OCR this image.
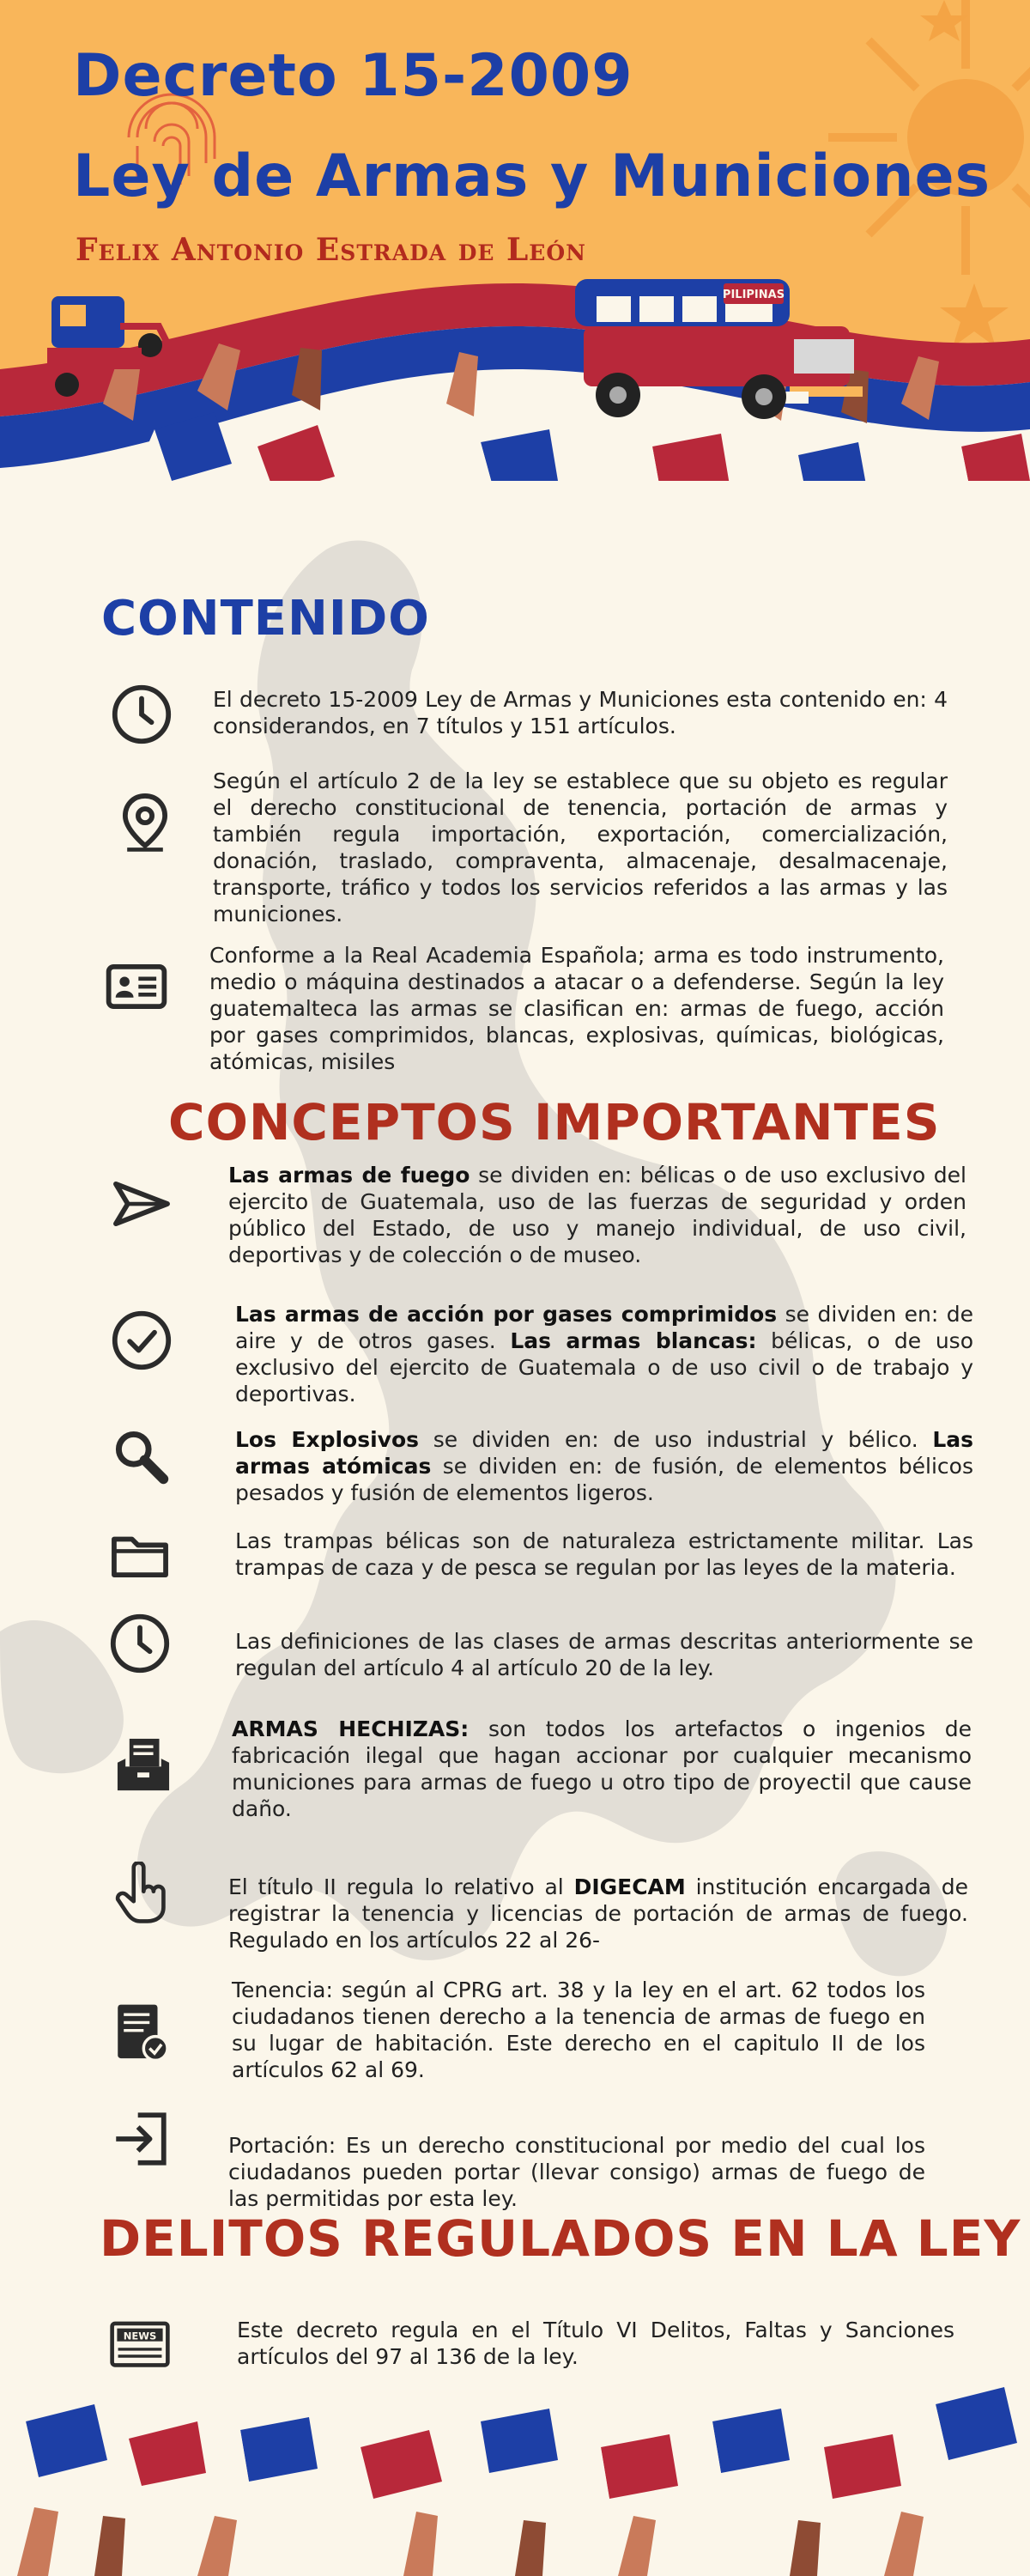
PILIPINAS
Decreto 15-2009
Ley de Armas y Municiones
Felix Antonio Estrada de León
CONTENIDO
El decreto 15-2009 Ley de Armas y Municiones esta contenido en: 4 considerandos, en 7 títulos y 151 artículos.
Según el artículo 2 de la ley se establece que su objeto es regular el derecho constitucional de tenencia, portación de armas y también regula importación, exportación, comercialización, donación, traslado, compraventa, almacenaje, desalmacenaje, transporte, tráfico y todos los servicios referidos a las armas y las municiones.
Conforme a la Real Academia Española; arma es todo instrumento, medio o máquina destinados a atacar o a defenderse. Según la ley guatemalteca las armas se clasifican en: armas de fuego, acción por gases comprimidos, blancas, explosivas, químicas, biológicas, atómicas, misiles
CONCEPTOS IMPORTANTES
Las armas de fuego se dividen en: bélicas o de uso exclusivo del ejercito de Guatemala, uso de las fuerzas de seguridad y orden público del Estado, de uso y manejo individual, de uso civil, deportivas y de colección o de museo.
Las armas de acción por gases comprimidos se dividen en: de aire y de otros gases. Las armas blancas: bélicas, o de uso exclusivo del ejercito de Guatemala o de uso civil o de trabajo y deportivas.
Los Explosivos se dividen en: de uso industrial y bélico. Las armas atómicas se dividen en: de fusión, de elementos bélicos pesados y fusión de elementos ligeros.
Las trampas bélicas son de naturaleza estrictamente militar. Las trampas de caza y de pesca se regulan por las leyes de la materia.
Las definiciones de las clases de armas descritas anteriormente se regulan del artículo 4 al artículo 20 de la ley.
ARMAS HECHIZAS: son todos los artefactos o ingenios de fabricación ilegal que hagan accionar por cualquier mecanismo municiones para armas de fuego u otro tipo de proyectil que cause daño.
El título II regula lo relativo al DIGECAM institución encargada de registrar la tenencia y licencias de portación de armas de fuego. Regulado en los artículos 22 al 26-
Tenencia: según al CPRG art. 38 y la ley en el art. 62 todos los ciudadanos tienen derecho a la tenencia de armas de fuego en su lugar de habitación. Este derecho en el capitulo II de los artículos 62 al 69.
Portación: Es un derecho constitucional por medio del cual los ciudadanos pueden portar (llevar consigo) armas de fuego de las permitidas por esta ley.
DELITOS REGULADOS EN LA LEY
NEWS	Este decreto regula en el Título VI Delitos, Faltas y Sanciones artículos del 97 al 136 de la ley.
